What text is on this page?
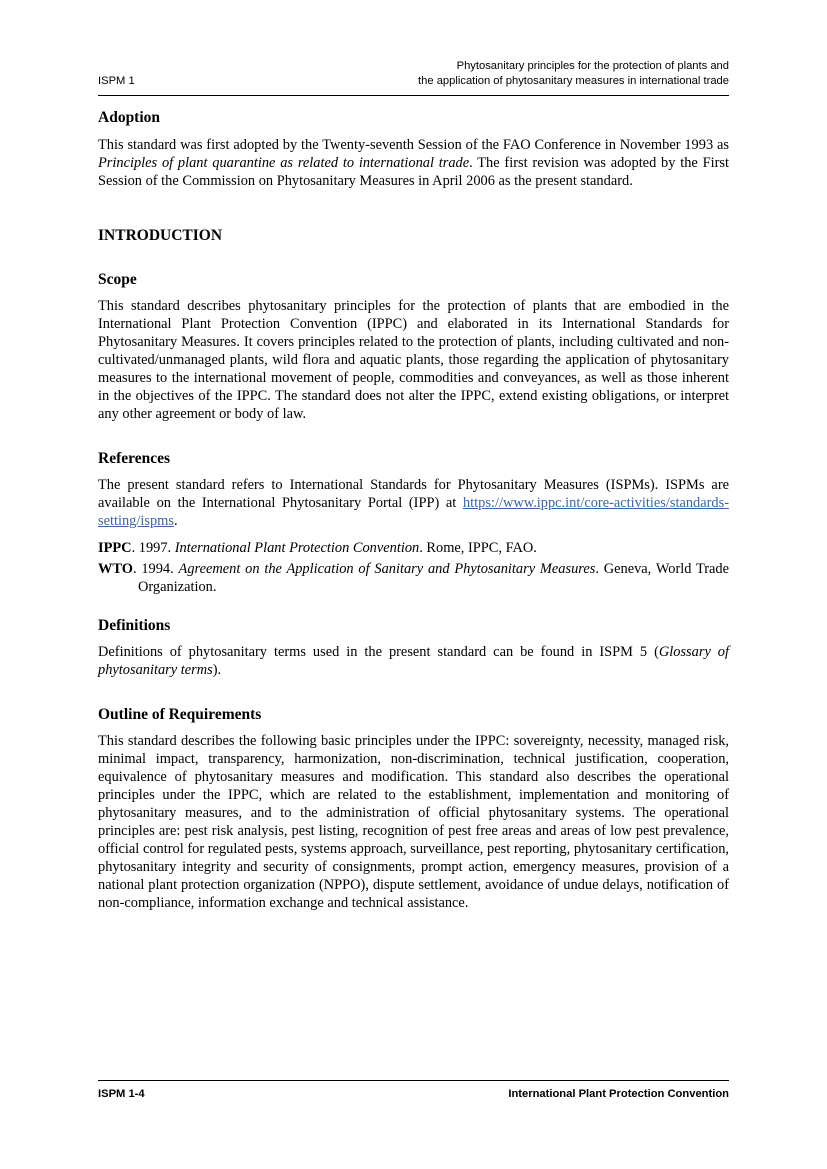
ISPM 1
Phytosanitary principles for the protection of plants and
the application of phytosanitary measures in international trade
Adoption

This standard was first adopted by the Twenty-seventh Session of the FAO Conference in November 1993 as Principles of plant quarantine as related to international trade. The first revision was adopted by the First Session of the Commission on Phytosanitary Measures in April 2006 as the present standard.

INTRODUCTION
Scope

This standard describes phytosanitary principles for the protection of plants that are embodied in the International Plant Protection Convention (IPPC) and elaborated in its International Standards for Phytosanitary Measures. It covers principles related to the protection of plants, including cultivated and non-cultivated/unmanaged plants, wild flora and aquatic plants, those regarding the application of phytosanitary measures to the international movement of people, commodities and conveyances, as well as those inherent in the objectives of the IPPC. The standard does not alter the IPPC, extend existing obligations, or interpret any other agreement or body of law.

References

The present standard refers to International Standards for Phytosanitary Measures (ISPMs). ISPMs are available on the International Phytosanitary Portal (IPP) at https://www.ippc.int/core-activities/standards-setting/ispms.

IPPC. 1997. International Plant Protection Convention. Rome, IPPC, FAO.

WTO. 1994. Agreement on the Application of Sanitary and Phytosanitary Measures. Geneva, World Trade Organization.

Definitions

Definitions of phytosanitary terms used in the present standard can be found in ISPM 5 (Glossary of phytosanitary terms).

Outline of Requirements

This standard describes the following basic principles under the IPPC: sovereignty, necessity, managed risk, minimal impact, transparency, harmonization, non-discrimination, technical justification, cooperation, equivalence of phytosanitary measures and modification. This standard also describes the operational principles under the IPPC, which are related to the establishment, implementation and monitoring of phytosanitary measures, and to the administration of official phytosanitary systems. The operational principles are: pest risk analysis, pest listing, recognition of pest free areas and areas of low pest prevalence, official control for regulated pests, systems approach, surveillance, pest reporting, phytosanitary certification, phytosanitary integrity and security of consignments, prompt action, emergency measures, provision of a national plant protection organization (NPPO), dispute settlement, avoidance of undue delays, notification of non-compliance, information exchange and technical assistance.

ISPM 1-4	International Plant Protection Convention
